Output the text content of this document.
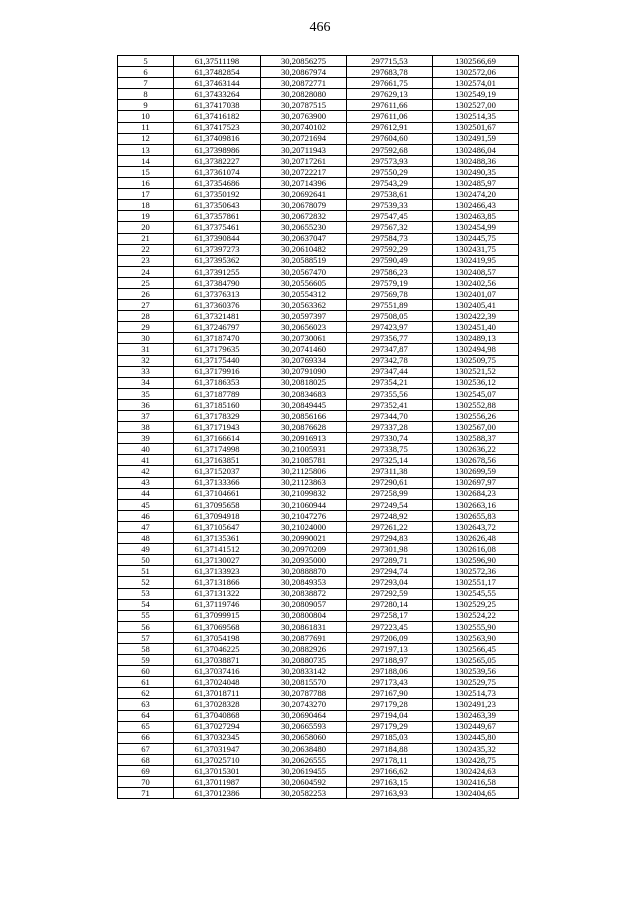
466
5	61,37511198	30,20856275	297715,53	1302566,69
6	61,37482854	30,20867974	297683,78	1302572,06
7	61,37463144	30,20872771	297661,75	1302574,01
8	61,37433264	30,20828080	297629,13	1302549,19
9	61,37417038	30,20787515	297611,66	1302527,00
10	61,37416182	30,20763900	297611,06	1302514,35
11	61,37417523	30,20740102	297612,91	1302501,67
12	61,37409816	30,20721694	297604,60	1302491,59
13	61,37398986	30,20711943	297592,68	1302486,04
14	61,37382227	30,20717261	297573,93	1302488,36
15	61,37361074	30,20722217	297550,29	1302490,35
16	61,37354686	30,20714396	297543,29	1302485,97
17	61,37350192	30,20692641	297538,61	1302474,20
18	61,37350643	30,20678079	297539,33	1302466,43
19	61,37357861	30,20672832	297547,45	1302463,85
20	61,37375461	30,20655230	297567,32	1302454,99
21	61,37390844	30,20637047	297584,73	1302445,75
22	61,37397273	30,20610482	297592,29	1302431,75
23	61,37395362	30,20588519	297590,49	1302419,95
24	61,37391255	30,20567470	297586,23	1302408,57
25	61,37384790	30,20556605	297579,19	1302402,56
26	61,37376313	30,20554312	297569,78	1302401,07
27	61,37360376	30,20563362	297551,89	1302405,41
28	61,37321481	30,20597397	297508,05	1302422,39
29	61,37246797	30,20656023	297423,97	1302451,40
30	61,37187470	30,20730061	297356,77	1302489,13
31	61,37179635	30,20741460	297347,87	1302494,98
32	61,37175440	30,20769334	297342,78	1302509,75
33	61,37179916	30,20791090	297347,44	1302521,52
34	61,37186353	30,20818025	297354,21	1302536,12
35	61,37187789	30,20834683	297355,56	1302545,07
36	61,37185160	30,20849445	297352,41	1302552,88
37	61,37178329	30,20856166	297344,70	1302556,26
38	61,37171943	30,20876628	297337,28	1302567,00
39	61,37166614	30,20916913	297330,74	1302588,37
40	61,37174998	30,21005931	297338,75	1302636,22
41	61,37163851	30,21085781	297325,14	1302678,56
42	61,37152037	30,21125806	297311,38	1302699,59
43	61,37133366	30,21123863	297290,61	1302697,97
44	61,37104661	30,21099832	297258,99	1302684,23
45	61,37095658	30,21060944	297249,54	1302663,16
46	61,37094918	30,21047276	297248,92	1302655,83
47	61,37105647	30,21024000	297261,22	1302643,72
48	61,37135361	30,20990021	297294,83	1302626,48
49	61,37141512	30,20970209	297301,98	1302616,08
50	61,37130027	30,20935000	297289,71	1302596,90
51	61,37133923	30,20888870	297294,74	1302572,36
52	61,37131866	30,20849353	297293,04	1302551,17
53	61,37131322	30,20838872	297292,59	1302545,55
54	61,37119746	30,20809057	297280,14	1302529,25
55	61,37099915	30,20800804	297258,17	1302524,22
56	61,37069568	30,20861831	297223,45	1302555,90
57	61,37054198	30,20877691	297206,09	1302563,90
58	61,37046225	30,20882926	297197,13	1302566,45
59	61,37038871	30,20880735	297188,97	1302565,05
60	61,37037416	30,20833142	297188,06	1302539,56
61	61,37024048	30,20815570	297173,43	1302529,75
62	61,37018711	30,20787788	297167,90	1302514,73
63	61,37028328	30,20743270	297179,28	1302491,23
64	61,37040868	30,20690464	297194,04	1302463,39
65	61,37027294	30,20665593	297179,29	1302449,67
66	61,37032345	30,20658060	297185,03	1302445,80
67	61,37031947	30,20638480	297184,88	1302435,32
68	61,37025710	30,20626555	297178,11	1302428,75
69	61,37015301	30,20619455	297166,62	1302424,63
70	61,37011987	30,20604592	297163,15	1302416,58
71	61,37012386	30,20582253	297163,93	1302404,65
